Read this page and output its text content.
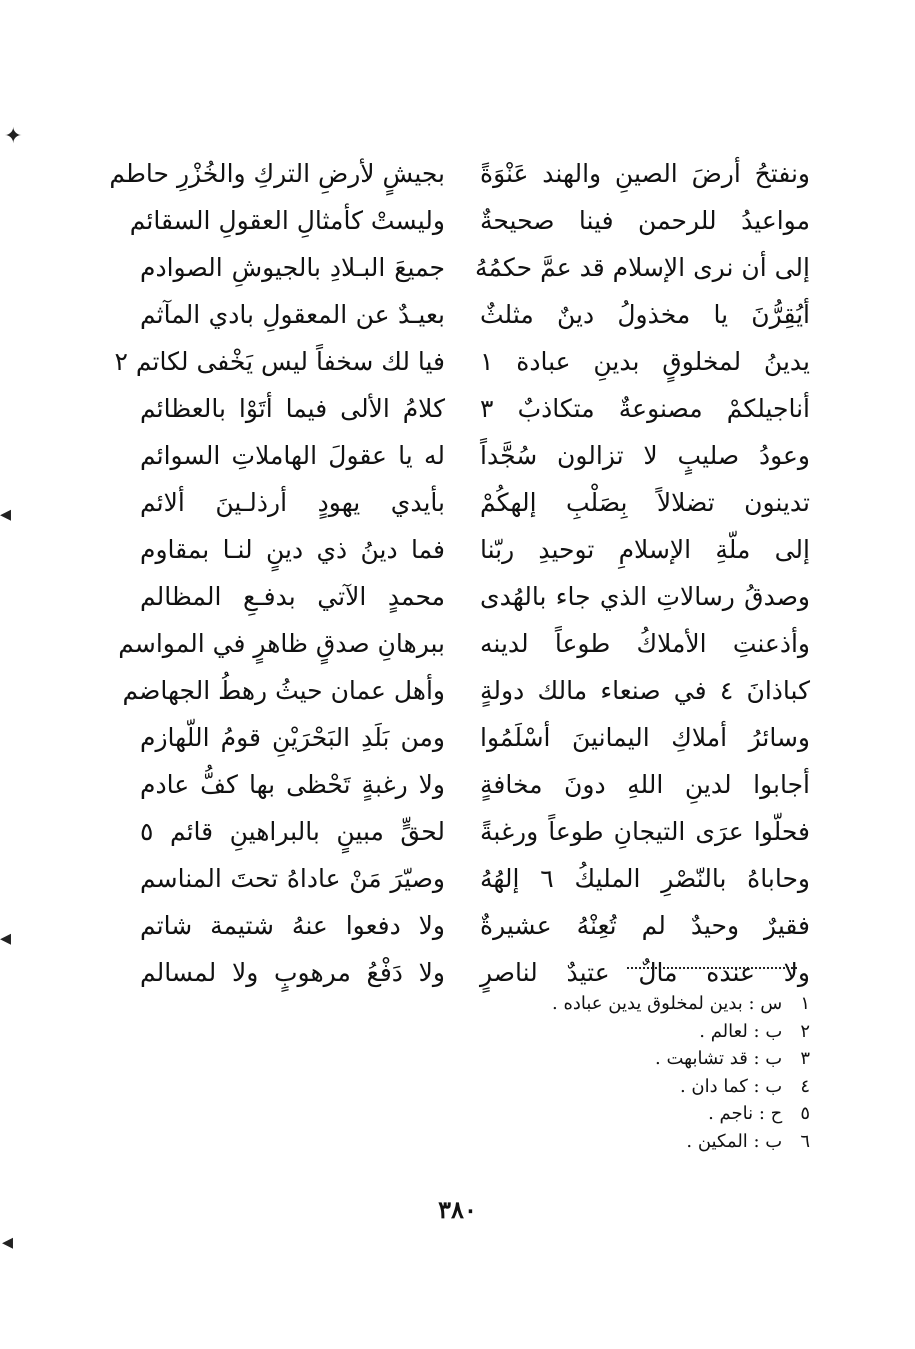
✦
◂
◂
◂
ونفتحُ أرضَ الصينِ والهند عَنْوَةً
بجيشٍ لأرضِ التركِ والخُزْرِ حاطم
مواعيدُ للرحمن فينا صحيحةٌ
وليستْ كأمثالِ العقولِ السقائم
إلى أن نرى الإسلام قد عمَّ حكمُهُ
جميعَ البـلادِ بالجيوشِ الصوادم
أيُقِرُّنَ يا مخذولُ دينٌ مثلثٌ
بعيـدٌ عن المعقولِ بادي المآثم
يدينُ لمخلوقٍ بدينِ عبادة ١
فيا لك سخفاً ليس يَخْفى لكاتم ٢
أناجيلكمْ مصنوعةٌ متكاذبٌ ٣
كلامُ الألى فيما أتَوْا بالعظائم
وعودُ صليبٍ لا تزالون سُجَّداً
له يا عقولَ الهاملاتِ السوائم
تدينون تضلالاً بِصَلْبِ إلهكُمْ
بأيدي يهودٍ أرذلـينَ ألائم
إلى ملّةِ الإسلامِ توحيدِ ربّنا
فما دينُ ذي دينٍ لنـا بمقاوم
وصدقُ رسالاتِ الذي جاء بالهُدى
محمدٍ الآتي بدفـعِ المظالم
وأذعنتِ الأملاكُ طوعاً لدينه
ببرهانِ صدقٍ ظاهرٍ في المواسم
كباذانَ ٤ في صنعاء مالك دولةٍ
وأهل عمان حيثُ رهطُ الجهاضم
وسائرُ أملاكِ اليمانينَ أسْلَمُوا
ومن بَلَدِ البَحْرَيْنِ قومُ اللّهازم
أجابوا لدينِ اللهِ دونَ مخافةٍ
ولا رغبةٍ تَحْظى بها كفُّ عادم
فحلّوا عرَى التيجانِ طوعاً ورغبةً
لحقٍّ مبينٍ بالبراهينِ قائم ٥
وحاباهُ بالنّصْرِ المليكُ ٦ إلهُهُ
وصيّرَ مَنْ عاداهُ تحتَ المناسم
فقيرٌ وحيدٌ لم تُعِنْهُ عشيرةٌ
ولا دفعوا عنهُ شتيمة شاتم
ولا عنده مالٌ عتيدٌ لناصرٍ
ولا دَفْعُ مرهوبٍ ولا لمسالم
١ س : بدين لمخلوق يدين عباده .
٢ ب : لعالم .
٣ ب : قد تشابهت .
٤ ب : كما دان .
٥ ح : ناجم .
٦ ب : المكين .
٣٨٠
